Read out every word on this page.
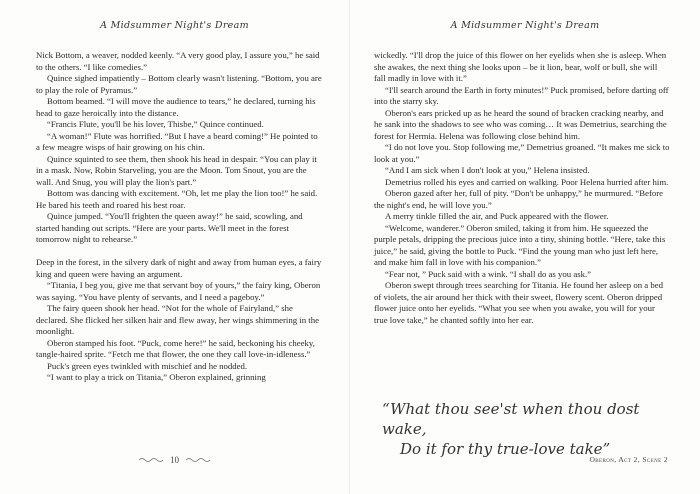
A Midsummer Night's Dream

Nick Bottom, a weaver, nodded keenly. “A very good play, I assure you,” he said to the others. “I like comedies.”

Quince sighed impatiently – Bottom clearly wasn't listening. “Bottom, you are to play the role of Pyramus.”

Bottom beamed. “I will move the audience to tears,” he declared, turning his head to gaze heroically into the distance.

“Francis Flute, you'll be his lover, Thisbe,” Quince continued.

“A woman!” Flute was horrified. “But I have a beard coming!” He pointed to a few meagre wisps of hair growing on his chin.

Quince squinted to see them, then shook his head in despair. “You can play it in a mask. Now, Robin Starveling, you are the Moon. Tom Snout, you are the wall. And Snug, you will play the lion's part.”

Bottom was dancing with excitement. “Oh, let me play the lion too!” he said. He bared his teeth and roared his best roar.

Quince jumped. “You'll frighten the queen away!” he said, scowling, and started handing out scripts. “Here are your parts. We'll meet in the forest tomorrow night to rehearse.”

Deep in the forest, in the silvery dark of night and away from human eyes, a fairy king and queen were having an argument.

“Titania, I beg you, give me that servant boy of yours,” the fairy king, Oberon was saying. “You have plenty of servants, and I need a pageboy.”

The fairy queen shook her head. “Not for the whole of Fairyland,” she declared. She flicked her silken hair and flew away, her wings shimmering in the moonlight.

Oberon stamped his foot. “Puck, come here!” he said, beckoning his cheeky, tangle-haired sprite. “Fetch me that flower, the one they call love-in-idleness.”

Puck's green eyes twinkled with mischief and he nodded.

“I want to play a trick on Titania,” Oberon explained, grinning

10
A Midsummer Night's Dream

wickedly. “I'll drop the juice of this flower on her eyelids when she is asleep. When she awakes, the next thing she looks upon – be it lion, bear, wolf or bull, she will fall madly in love with it.”

“I'll search around the Earth in forty minutes!” Puck promised, before darting off into the starry sky.

Oberon's ears pricked up as he heard the sound of bracken cracking nearby, and he sank into the shadows to see who was coming… It was Demetrius, searching the forest for Hermia. Helena was following close behind him.

“I do not love you. Stop following me,” Demetrius groaned. “It makes me sick to look at you.”

“And I am sick when I don't look at you,” Helena insisted.

Demetrius rolled his eyes and carried on walking. Poor Helena hurried after him.

Oberon gazed after her, full of pity. “Don't be unhappy,” he murmured. “Before the night's end, he will love you.”

A merry tinkle filled the air, and Puck appeared with the flower.

“Welcome, wanderer.” Oberon smiled, taking it from him. He squeezed the purple petals, dripping the precious juice into a tiny, shining bottle. “Here, take this juice,” he said, giving the bottle to Puck. “Find the young man who just left here, and make him fall in love with his companion.”

“Fear not, ” Puck said with a wink. “I shall do as you ask.”

Oberon swept through trees searching for Titania. He found her asleep on a bed of violets, the air around her thick with their sweet, flowery scent. Oberon dripped flower juice onto her eyelids. “What you see when you awake, you will for your true love take,” he chanted softly into her ear.

“What thou see'st when thou dost wake,
Do it for thy true-love take”
Oberon, Act 2, Scene 2
